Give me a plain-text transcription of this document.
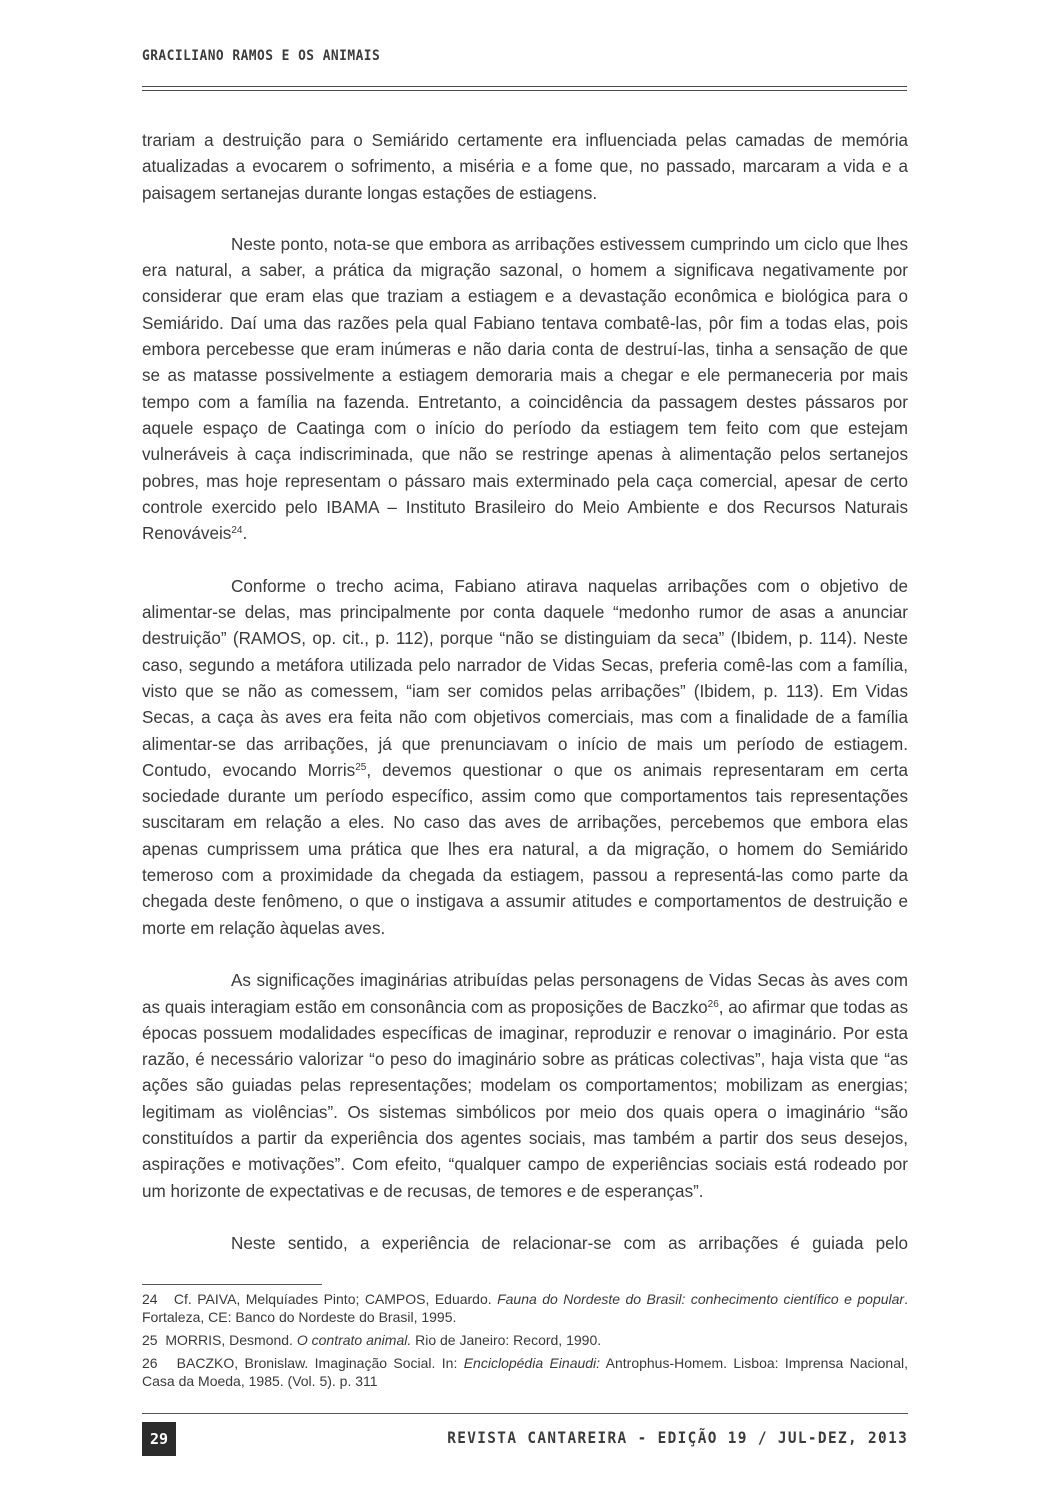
GRACILIANO RAMOS E OS ANIMAIS

trariam a destruição para o Semiárido certamente era influenciada pelas camadas de memória atualizadas a evocarem o sofrimento, a miséria e a fome que, no passado, marcaram a vida e a paisagem sertanejas durante longas estações de estiagens.

Neste ponto, nota-se que embora as arribações estivessem cumprindo um ciclo que lhes era natural, a saber, a prática da migração sazonal, o homem a significava negativamente por considerar que eram elas que traziam a estiagem e a devastação econômica e biológica para o Semiárido. Daí uma das razões pela qual Fabiano tentava combatê-las, pôr fim a todas elas, pois embora percebesse que eram inúmeras e não daria conta de destruí-las, tinha a sensação de que se as matasse possivelmente a estiagem demoraria mais a chegar e ele permaneceria por mais tempo com a família na fazenda. Entretanto, a coincidência da passagem destes pássaros por aquele espaço de Caatinga com o início do período da estiagem tem feito com que estejam vulneráveis à caça indiscriminada, que não se restringe apenas à alimentação pelos sertanejos pobres, mas hoje representam o pássaro mais exterminado pela caça comercial, apesar de certo controle exercido pelo IBAMA – Instituto Brasileiro do Meio Ambiente e dos Recursos Naturais Renováveis$^{24}$.

Conforme o trecho acima, Fabiano atirava naquelas arribações com o objetivo de alimentar-se delas, mas principalmente por conta daquele “medonho rumor de asas a anunciar destruição” (RAMOS, op. cit., p. 112), porque “não se distinguiam da seca” (Ibidem, p. 114). Neste caso, segundo a metáfora utilizada pelo narrador de Vidas Secas, preferia comê-las com a família, visto que se não as comessem, “iam ser comidos pelas arribações” (Ibidem, p. 113). Em Vidas Secas, a caça às aves era feita não com objetivos comerciais, mas com a finalidade de a família alimentar-se das arribações, já que prenunciavam o início de mais um período de estiagem. Contudo, evocando Morris$^{25}$, devemos questionar o que os animais representaram em certa sociedade durante um período específico, assim como que comportamentos tais representações suscitaram em relação a eles. No caso das aves de arribações, percebemos que embora elas apenas cumprissem uma prática que lhes era natural, a da migração, o homem do Semiárido temeroso com a proximidade da chegada da estiagem, passou a representá-las como parte da chegada deste fenômeno, o que o instigava a assumir atitudes e comportamentos de destruição e morte em relação àquelas aves.

As significações imaginárias atribuídas pelas personagens de Vidas Secas às aves com as quais interagiam estão em consonância com as proposições de Baczko$^{26}$, ao afirmar que todas as épocas possuem modalidades específicas de imaginar, reproduzir e renovar o imaginário. Por esta razão, é necessário valorizar “o peso do imaginário sobre as práticas colectivas”, haja vista que “as ações são guiadas pelas representações; modelam os comportamentos; mobilizam as energias; legitimam as violências”. Os sistemas simbólicos por meio dos quais opera o imaginário “são constituídos a partir da experiência dos agentes sociais, mas também a partir dos seus desejos, aspirações e motivações”. Com efeito, “qualquer campo de experiências sociais está rodeado por um horizonte de expectativas e de recusas, de temores e de esperanças”.

Neste sentido, a experiência de relacionar-se com as arribações é guiada pelo

24 Cf. PAIVA, Melquíades Pinto; CAMPOS, Eduardo. Fauna do Nordeste do Brasil: conhecimento científico e popular. Fortaleza, CE: Banco do Nordeste do Brasil, 1995.
25 MORRIS, Desmond. O contrato animal. Rio de Janeiro: Record, 1990.
26 BACZKO, Bronislaw. Imaginação Social. In: Enciclopédia Einaudi: Antrophus-Homem. Lisboa: Imprensa Nacional, Casa da Moeda, 1985. (Vol. 5). p. 311
29	REVISTA CANTAREIRA - EDIÇÃO 19 / JUL-DEZ, 2013
